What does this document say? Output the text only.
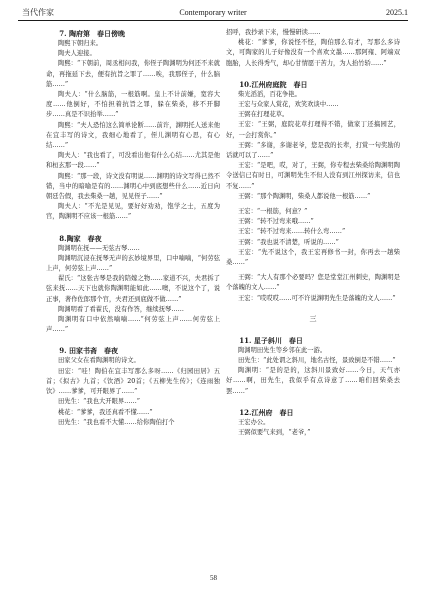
当代作家	Contemporary writer	2025.1
7. 陶府第　春日傍晚

陶熙下朝归来。

陶夫人迎接。

陶熙：“下朝前，周丞相问我，你侄子陶渊明为何还不来就命，再拖延下去，便有抗旨之罪了……唉，我那侄子，什么脑筋……”

陶夫人：“什么脑筋，一根筋啊。皇上不计前嫌，宽容大度……他倒好，不怕担着抗旨之罪，躲在柴桑，移不开脚步……真是不识抬举……”

陶熙：“夫人恐怕这么简单论断……前许，渊明托人送来他在宜丰写的诗文，我细心地看了，侄儿渊明有心思，有心结……”

陶夫人：“我也看了，可没看出他有什么心结……尤其是他和桓玄那一段……”

陶熙：“那一段，诗文没有明说……渊明的诗文写得已然不错，当中的暗喻是有的……渊明心中到底想些什么……近日向朝廷告假，我去柴桑一趟，见见侄子……”

陶夫人：“不光是见见，要好好劝劝，饱学之士，五度为官，陶渊明不应该一根筋……”

8.陶家　春夜

陶渊明在抚——无弦古琴……

陶渊明沉浸在抚琴无声的玄妙境界里，口中喃喃，“何劳弦上声，何劳弦上声……”

翟氏：“这张古琴是我的陪嫁之物……家道不兴，夫君拆了弦来抚……天下也就你陶渊明能如此……噢，不说这个了，说正事，著作佐郎那个官，夫君还到底做不做……”

陶渊明看了看翟氏，没有作答，继续抚琴……

陶渊明有口中依然喃喃……“何劳弦上声……何劳弦上声……”

9. 田家书斋　春夜

田家父女在看陶渊明的诗文。

田宏：“哇！陶伯在宜丰写那么多呀……《归园田居》五首；《拟古》九首；《饮酒》20首；《五柳先生传》；《连雨独饮》……爹爹，可开眼界了……”

田先生：“我也大开眼界……”

桃花：“爹爹，我还真看不懂……”

田先生：“我也看不大懂……给你陶伯打个

招呼，我抄录下来，慢慢研读……

桃花：“爹爹，你说怪不怪，陶伯那么有才，写那么多诗文，可陶家的儿子好像没有一个喜欢文墨……那阿雍、阿端双胞胎，人长得秀气，却心甘情愿干苦力，为人抬竹轿……”

10.江州府庭院　春日

柴光滔滔，百花争艳。

王宏与众家人赏花，欢笑欢谈中……

王弼在打理花草。

王宏：“王弼，庭院花草打理得不错，做家丁还搞园艺，好，一会打赏你。”

王弼：“多谢，多谢老爷，您是我的长辈，打赏一句奖励的话就可以了……”

王宏：“是吧，哎，对了，王弼，你专程去柴桑给陶渊明陶令送信已有时日，可渊明先生不但人没有到江州探访来，信也不复……”

王弼：“那个陶渊明，柴桑人都说他一根筋……”

王宏：“一根筋，何意？”

王弼：“转不过弯来哦……”

王宏：“转不过弯来……转什么弯……”

王弼：“我也说不清楚，听说的……”

王宏：“先不说这个，我王宏再修书一封，你再去一趟柴桑……”

王弼：“大人有那个必要吗？您是堂堂江州刺史，陶渊明是个落魄的文人……”

王宏：“哎哎哎……可不许说渊明先生是落魄的文人……”

三

11. 星子斜川　春日

陶渊明田先生等乡邻在此一游。

田先生：“此处谓之斜川，地名古怪，景致倒是不错……”

陶渊明：“是的是的，这斜川景致好……今日，天气亦好……啊，田先生，我似乎有点诗意了……咱们回柴桑去罢……”

12.江州府　春日

王宏办公。

王弼似要气来到，“老爷，”

58
